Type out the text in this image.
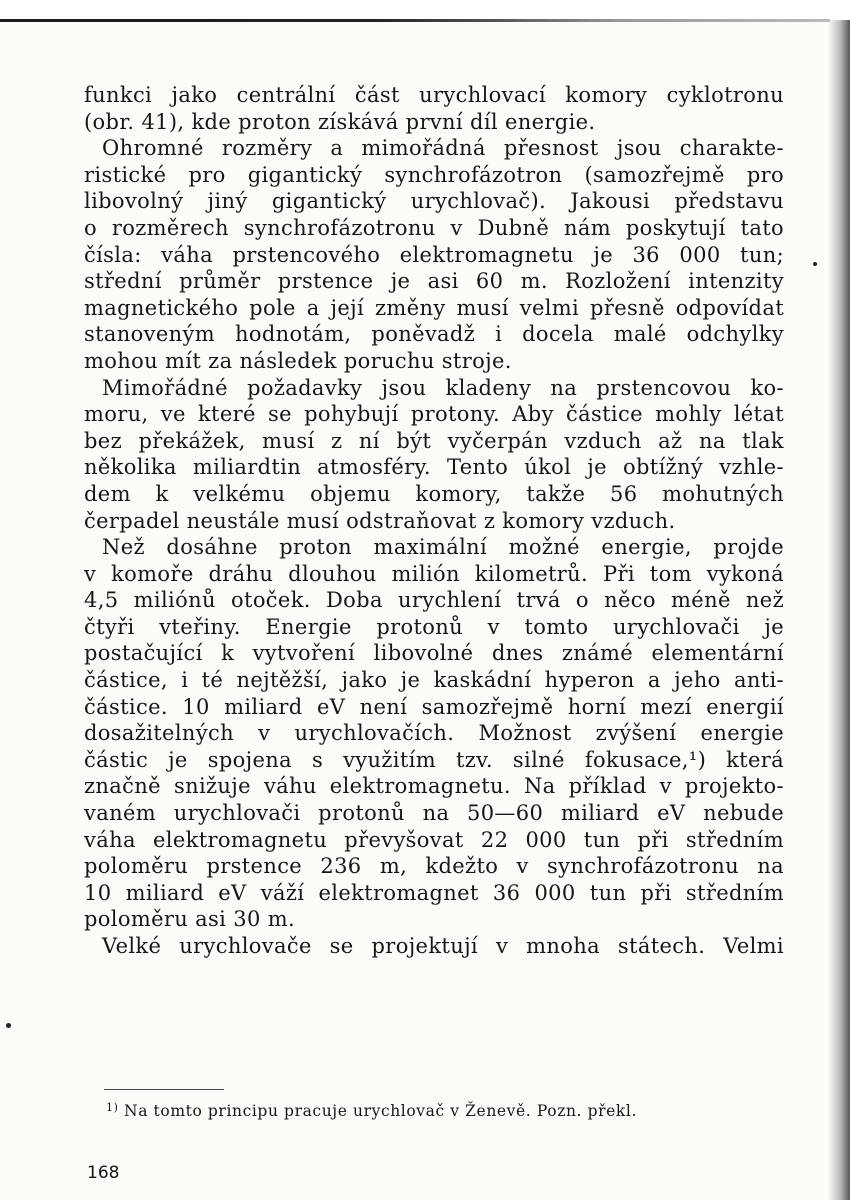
funkci jako centrální část urychlovací komory cyklotronu
(obr. 41), kde proton získává první díl energie.
Ohromné rozměry a mimořádná přesnost jsou charakte-
ristické pro gigantický synchrofázotron (samozřejmě pro
libovolný jiný gigantický urychlovač). Jakousi představu
o rozměrech synchrofázotronu v Dubně nám poskytují tato
čísla: váha prstencového elektromagnetu je 36 000 tun;
střední průměr prstence je asi 60 m. Rozložení intenzity
magnetického pole a její změny musí velmi přesně odpovídat
stanoveným hodnotám, poněvadž i docela malé odchylky
mohou mít za následek poruchu stroje.
Mimořádné požadavky jsou kladeny na prstencovou ko-
moru, ve které se pohybují protony. Aby částice mohly létat
bez překážek, musí z ní být vyčerpán vzduch až na tlak
několika miliardtin atmosféry. Tento úkol je obtížný vzhle-
dem k velkému objemu komory, takže 56 mohutných
čerpadel neustále musí odstraňovat z komory vzduch.
Než dosáhne proton maximální možné energie, projde
v komoře dráhu dlouhou milión kilometrů. Při tom vykoná
4,5 miliónů otoček. Doba urychlení trvá o něco méně než
čtyři vteřiny. Energie protonů v tomto urychlovači je
postačující k vytvoření libovolné dnes známé elementární
částice, i té nejtěžší, jako je kaskádní hyperon a jeho anti-
částice. 10 miliard eV není samozřejmě horní mezí energií
dosažitelných v urychlovačích. Možnost zvýšení energie
částic je spojena s využitím tzv. silné fokusace,¹) která
značně snižuje váhu elektromagnetu. Na příklad v projekto-
vaném urychlovači protonů na 50—60 miliard eV nebude
váha elektromagnetu převyšovat 22 000 tun při středním
poloměru prstence 236 m, kdežto v synchrofázotronu na
10 miliard eV váží elektromagnet 36 000 tun při středním
poloměru asi 30 m.
Velké urychlovače se projektují v mnoha státech. Velmi
$^{1)}$ Na tomto principu pracuje urychlovač v Ženevě. Pozn. překl.
168
